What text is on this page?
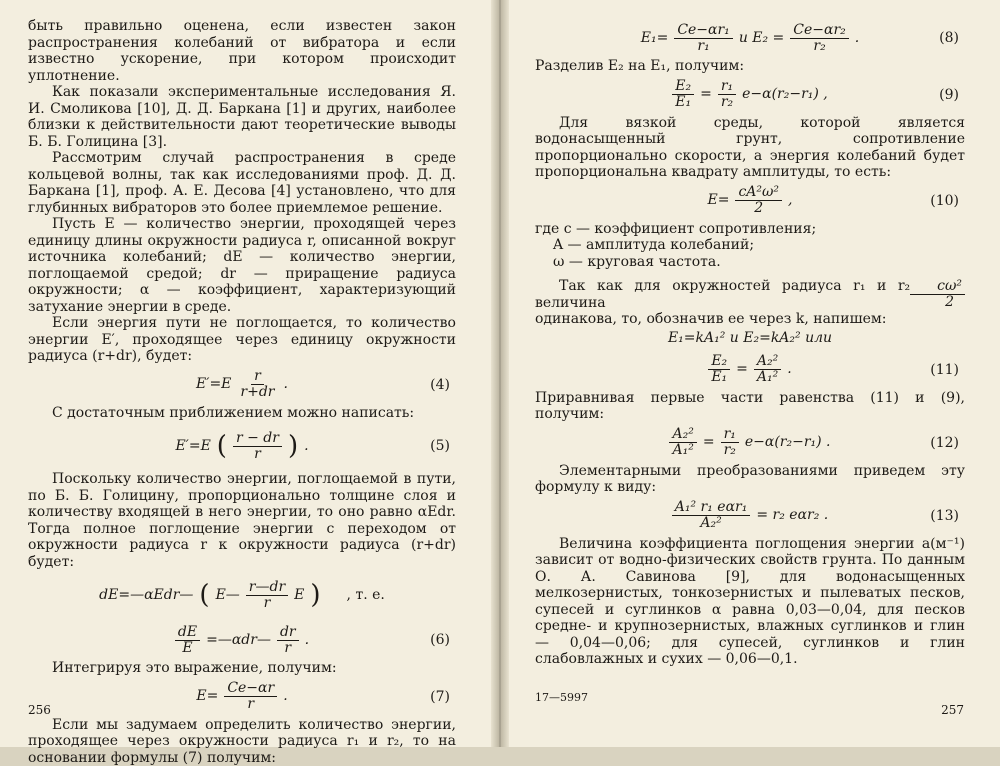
быть правильно оценена, если известен закон распространения колебаний от вибратора и если известно ускорение, при котором происходит уплотнение.

Как показали экспериментальные исследования Я. И. Смоликова [10], Д. Д. Баркана [1] и других, наиболее близки к действительности дают теоретические выводы Б. Б. Голицина [3].

Рассмотрим случай распространения в среде кольцевой волны, так как исследованиями проф. Д. Д. Баркана [1], проф. А. Е. Десова [4] установлено, что для глубинных вибраторов это более приемлемое решение.

Пусть E — количество энергии, проходящей через единицу длины окружности радиуса r, описанной вокруг источника колебаний; dE — количество энергии, поглощаемой средой; dr — приращение радиуса окружности; α — коэффициент, характеризующий затухание энергии в среде.

Если энергия пути не поглощается, то количество энергии E′, проходящее через единицу окружности радиуса (r+dr), будет:

$E'=E \frac{r}{r+dr}$ .	(4)

С достаточным приближением можно написать:

E′=E ( $\frac{r - dr}{r}$ ) .	(5)

Поскольку количество энергии, поглощаемой в пути, по Б. Б. Голицину, пропорционально толщине слоя и количеству входящей в него энергии, то оно равно αEdr. Тогда полное поглощение энергии с переходом от окружности радиуса r к окружности радиуса (r+dr) будет:

dE=—αEdr— ( E— $\frac{r—dr}{r}$ E ) , т. е.
$\frac{dE}{E}$ =—αdr— $\frac{dr}{r}$ .	(6)

Интегрируя это выражение, получим:

$E= \frac{Ce-\alpha r}{r}$ .	(7)

Если мы задумаем определить количество энергии, проходящее через окружности радиуса r₁ и r₂, то на основании формулы (7) получим:

256
$E_1= \frac{\text{Ce−αr₁}}{\text{r₁}}$ и $E_2 = \frac{\text{Ce−αr₂}}{\text{r₂}}$ .	(8)

Разделив E₂ на E₁, получим:

$\frac{\text{E₂}}{\text{E₁}} = \frac{\text{r₁}}{\text{r₂}} e-\alpha(r_2-r_1)$ ,	(9)

Для вязкой среды, которой является водонасыщенный грунт, сопротивление пропорционально скорости, а энергия колебаний будет пропорциональна квадрату амплитуды, то есть:

$E= \frac{\text{cA²ω²}}{2}$ ,	(10)

где c — коэффициент сопротивления;

A — амплитуда колебаний;

ω — круговая частота.

Так как для окружностей радиуса r₁ и r₂ величина	$\frac{\text{cω²}}{2}$

одинакова, то, обозначив ее через k, напишем:

E₁=kA₁² и E₂=kA₂² или
$\frac{\text{E₂}}{\text{E₁}} = \frac{\text{A₂²}}{\text{A₁²}}$ .	(11)

Приравнивая первые части равенства (11) и (9), получим:

$\frac{\text{A₂²}}{\text{A₁²}} = \frac{\text{r₁}}{\text{r₂}} e-\alpha(r_2-r_1)$ .	(12)

Элементарными преобразованиями приведем эту формулу к виду:

$\frac{\text{A₁² r₁ eαr₁}}{\text{A₂²}} = r_2$ eαr₂ .	(13)

Величина коэффициента поглощения энергии a(м⁻¹) зависит от водно-физических свойств грунта. По данным О. А. Савинова [9], для водонасыщенных мелкозернистых, тонкозернистых и пылеватых песков, супесей и суглинков α равна 0,03—0,04, для песков средне- и крупнозернистых, влажных суглинков и глин — 0,04—0,06; для супесей, суглинков и глин слабовлажных и сухих — 0,06—0,1.

17—5997
257
